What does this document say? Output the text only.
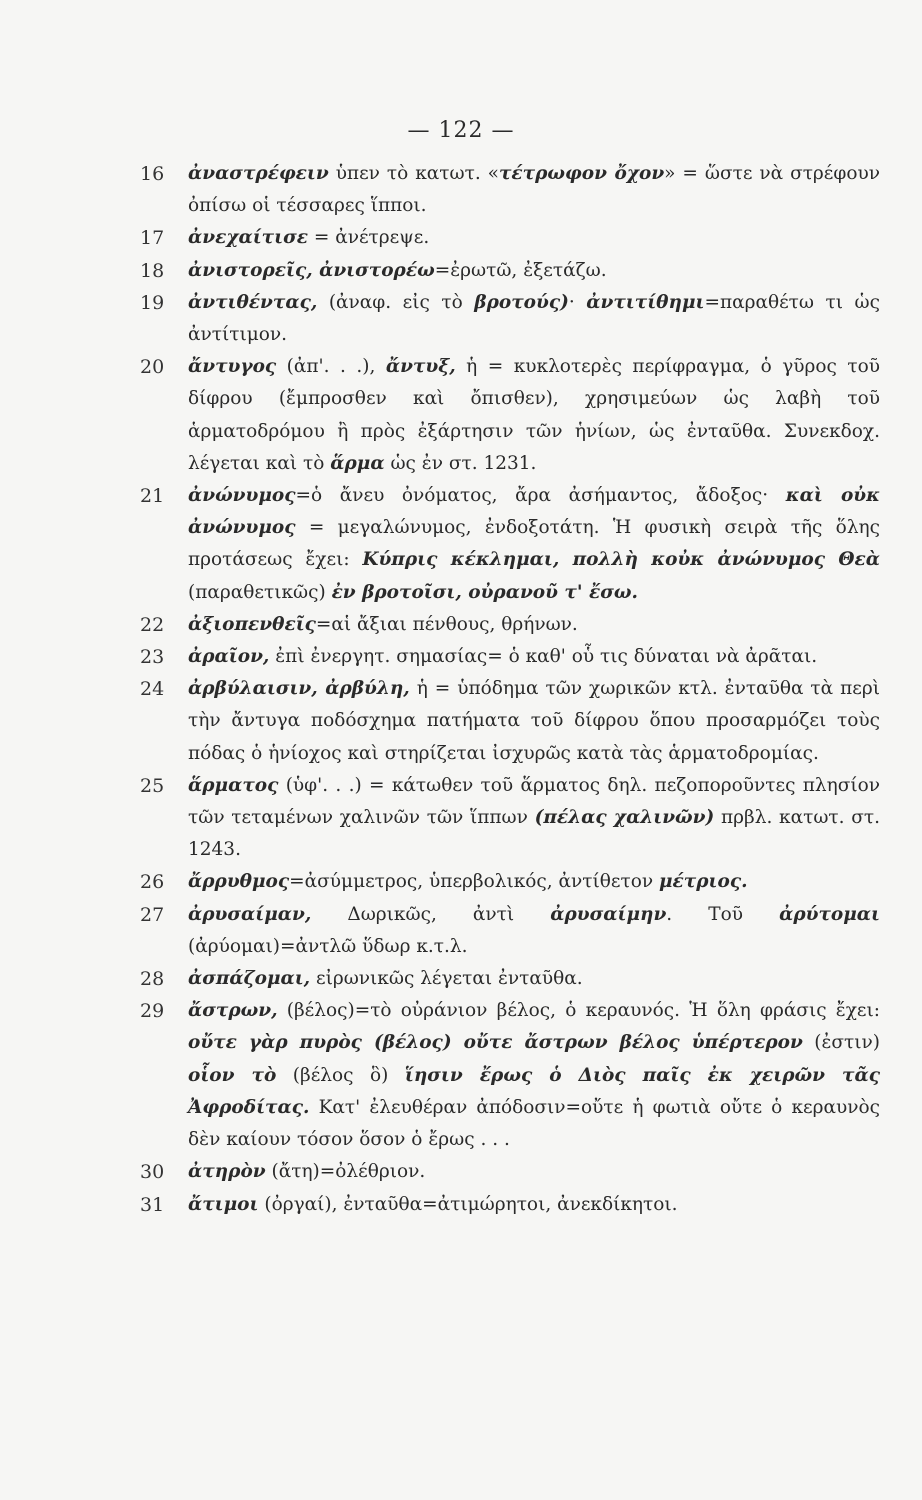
— 122 —
16	ἀναστρέφειν ὑπεν τὸ κατωτ. «τέτρωφον ὄχον» = ὥστε νὰ στρέφουν ὀπίσω οἱ τέσσαρες ἵπποι.
17	ἀνεχαίτισε = ἀνέτρεψε.
18	ἀνιστορεῖς, ἀνιστορέω=ἐρωτῶ, ἐξετάζω.
19	ἀντιθέντας, (ἀναφ. εἰς τὸ βροτούς)· ἀντιτίθημι=παραθέτω τι ὡς ἀντίτιμον.
20	ἄντυγος (ἀπ'. . .), ἄντυξ, ἡ = κυκλοτερὲς περίφραγμα, ὁ γῦρος τοῦ δίφρου (ἔμπροσθεν καὶ ὄπισθεν), χρησιμεύων ὡς λαβὴ τοῦ ἁρματοδρόμου ἢ πρὸς ἐξάρτησιν τῶν ἡνίων, ὡς ἐνταῦθα. Συνεκδοχ. λέγεται καὶ τὸ ἅρμα ὡς ἐν στ. 1231.
21	ἀνώνυμος=ὁ ἄνευ ὀνόματος, ἄρα ἀσήμαντος, ἄδοξος· καὶ οὐκ ἀνώνυμος = μεγαλώνυμος, ἐνδοξοτάτη. Ἡ φυσικὴ σειρὰ τῆς ὅλης προτάσεως ἔχει: Κύπρις κέκλημαι, πολλὴ κοὐκ ἀνώνυμος Θεὰ (παραθετικῶς) ἐν βροτοῖσι, οὐρανοῦ τ' ἔσω.
22	ἀξιοπενθεῖς=αἱ ἄξιαι πένθους, θρήνων.
23	ἀραῖον, ἐπὶ ἐνεργητ. σημασίας= ὁ καθ' οὗ τις δύναται νὰ ἀρᾶται.
24	ἀρβύλαισιν, ἀρβύλη, ἡ = ὑπόδημα τῶν χωρικῶν κτλ. ἐνταῦθα τὰ περὶ τὴν ἄντυγα ποδόσχημα πατήματα τοῦ δίφρου ὅπου προσαρμόζει τοὺς πόδας ὁ ἡνίοχος καὶ στηρίζεται ἰσχυρῶς κατὰ τὰς ἁρματοδρομίας.
25	ἅρματος (ὑφ'. . .) = κάτωθεν τοῦ ἅρματος δηλ. πεζοποροῦντες πλησίον τῶν τεταμένων χαλινῶν τῶν ἵππων (πέλας χαλινῶν) πρβλ. κατωτ. στ. 1243.
26	ἄρρυθμος=ἀσύμμετρος, ὑπερβολικός, ἀντίθετον μέτριος.
27	ἀρυσαίμαν, Δωρικῶς, ἀντὶ ἀρυσαίμην. Τοῦ ἀρύτομαι (ἀρύομαι)=ἀντλῶ ὕδωρ κ.τ.λ.
28	ἀσπάζομαι, εἰρωνικῶς λέγεται ἐνταῦθα.
29	ἄστρων, (βέλος)=τὸ οὐράνιον βέλος, ὁ κεραυνός. Ἡ ὅλη φράσις ἔχει: οὔτε γὰρ πυρὸς (βέλος) οὔτε ἄστρων βέλος ὑπέρτερον (ἐστιν) οἷον τὸ (βέλος ὃ) ἵησιν ἔρως ὁ Διὸς παῖς ἐκ χειρῶν τᾶς Ἀφροδίτας. Κατ' ἐλευθέραν ἀπόδοσιν=οὔτε ἡ φωτιὰ οὔτε ὁ κεραυνὸς δὲν καίουν τόσον ὅσον ὁ ἔρως . . .
30	ἀτηρὸν (ἄτη)=ὀλέθριον.
31	ἄτιμοι (ὀργαί), ἐνταῦθα=ἀτιμώρητοι, ἀνεκδίκητοι.
